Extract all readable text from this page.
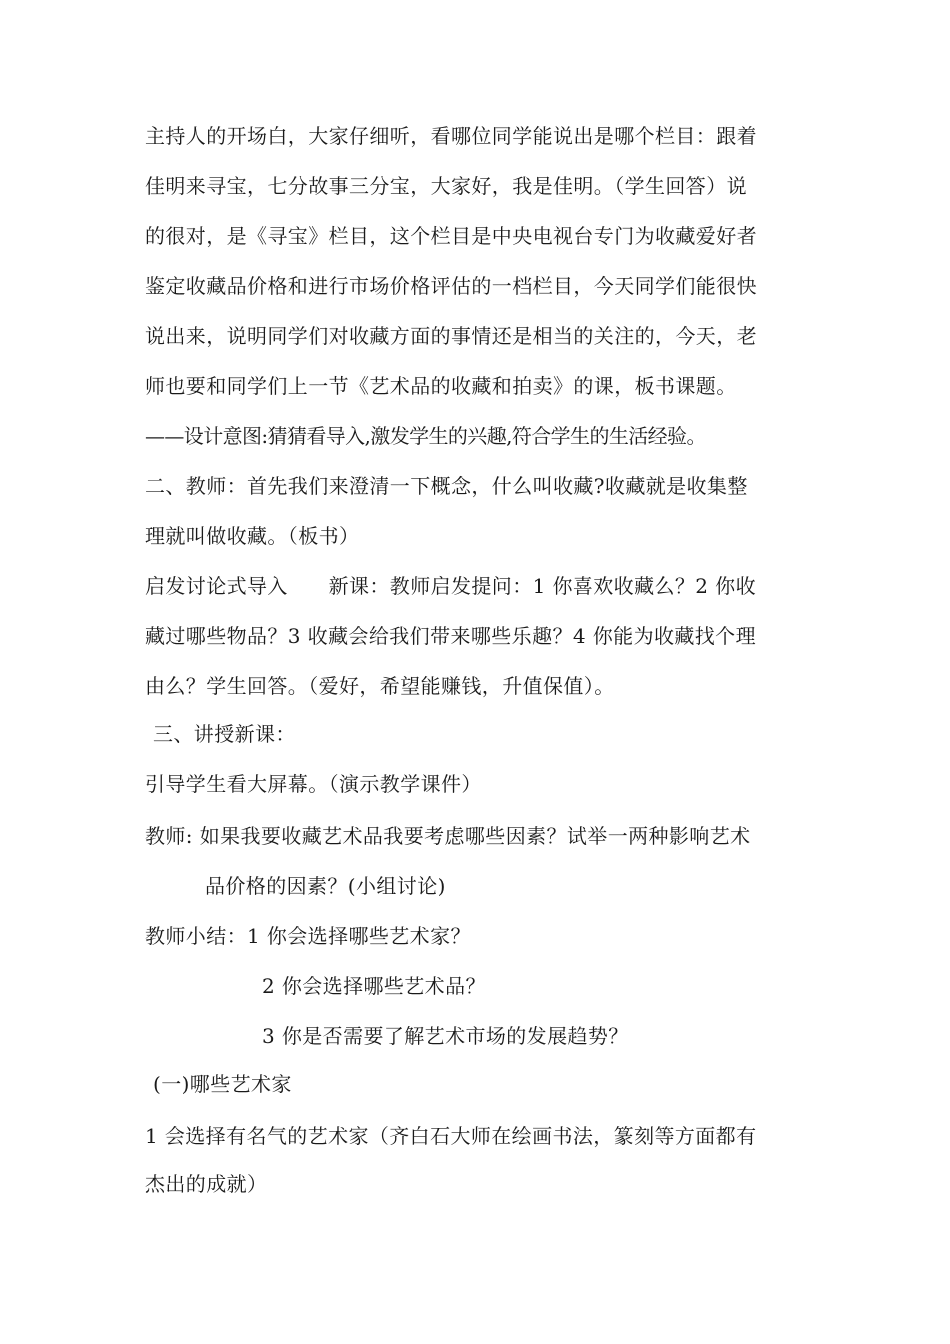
主持人的开场白，大家仔细听，看哪位同学能说出是哪个栏目：跟着
佳明来寻宝，七分故事三分宝，大家好，我是佳明。（学生回答）说
的很对，是《寻宝》栏目，这个栏目是中央电视台专门为收藏爱好者
鉴定收藏品价格和进行市场价格评估的一档栏目，今天同学们能很快
说出来，说明同学们对收藏方面的事情还是相当的关注的，今天，老
师也要和同学们上一节《艺术品的收藏和拍卖》的课，板书课题。
——设计意图:猜猜看导入,激发学生的兴趣,符合学生的生活经验。
二、教师：首先我们来澄清一下概念，什么叫收藏?收藏就是收集整
理就叫做收藏。（板书）
启发讨论式导入　　新课：教师启发提问：1 你喜欢收藏么？2 你收
藏过哪些物品？3 收藏会给我们带来哪些乐趣？4 你能为收藏找个理
由么？学生回答。（爱好，希望能赚钱，升值保值）。
三、讲授新课：
引导学生看大屏幕。（演示教学课件）
教师: 如果我要收藏艺术品我要考虑哪些因素？试举一两种影响艺术
品价格的因素？(小组讨论)
教师小结：1 你会选择哪些艺术家？
2 你会选择哪些艺术品？
3 你是否需要了解艺术市场的发展趋势？
(一)哪些艺术家
1 会选择有名气的艺术家（齐白石大师在绘画书法，篆刻等方面都有
杰出的成就）
